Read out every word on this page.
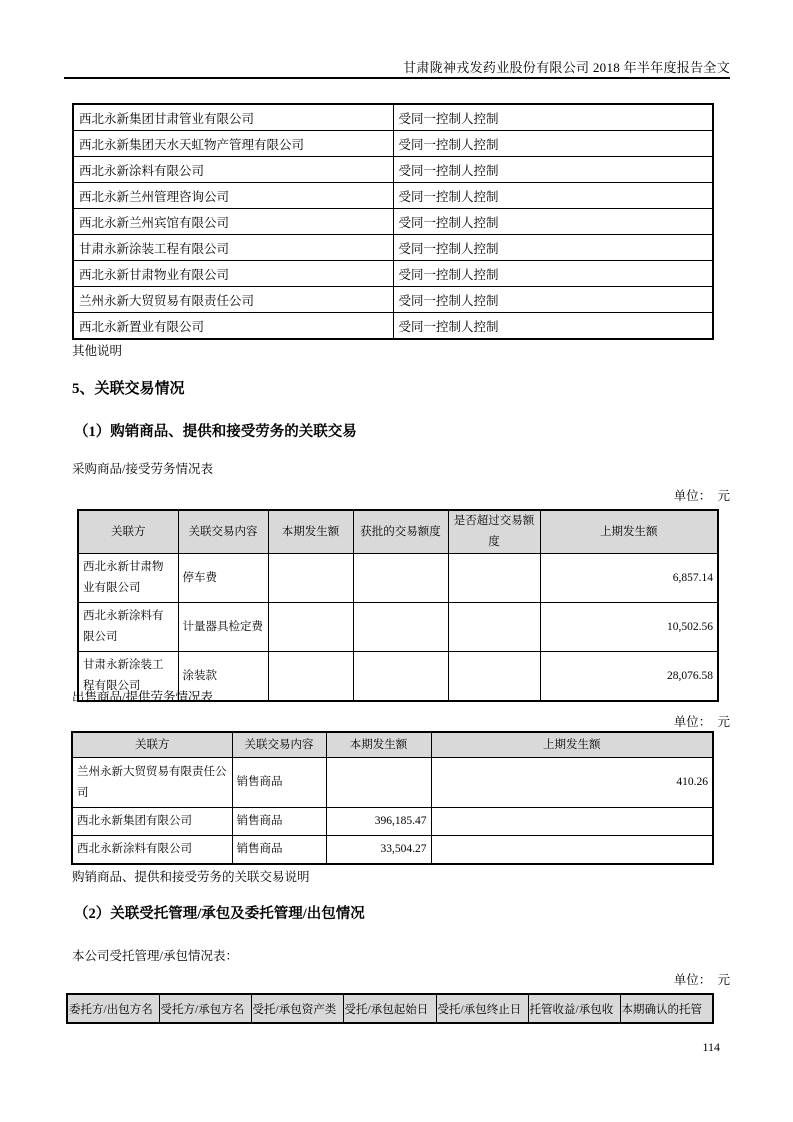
甘肃陇神戎发药业股份有限公司 2018 年半年度报告全文
西北永新集团甘肃管业有限公司	受同一控制人控制
西北永新集团天水天虹物产管理有限公司	受同一控制人控制
西北永新涂料有限公司	受同一控制人控制
西北永新兰州管理咨询公司	受同一控制人控制
西北永新兰州宾馆有限公司	受同一控制人控制
甘肃永新涂装工程有限公司	受同一控制人控制
西北永新甘肃物业有限公司	受同一控制人控制
兰州永新大贸贸易有限责任公司	受同一控制人控制
西北永新置业有限公司	受同一控制人控制
其他说明
5、关联交易情况
（1）购销商品、提供和接受劳务的关联交易
采购商品/接受劳务情况表
单位：　元
关联方	关联交易内容	本期发生额	获批的交易额度	是否超过交易额度	上期发生额
西北永新甘肃物业有限公司	停车费				6,857.14
西北永新涂料有限公司	计量器具检定费				10,502.56
甘肃永新涂装工程有限公司	涂装款				28,076.58
出售商品/提供劳务情况表
单位：　元
关联方	关联交易内容	本期发生额	上期发生额
兰州永新大贸贸易有限责任公司	销售商品		410.26
西北永新集团有限公司	销售商品	396,185.47	
西北永新涂料有限公司	销售商品	33,504.27	
购销商品、提供和接受劳务的关联交易说明
（2）关联受托管理/承包及委托管理/出包情况
本公司受托管理/承包情况表：
单位：　元
委托方/出包方名	受托方/承包方名	受托/承包资产类	受托/承包起始日	受托/承包终止日	托管收益/承包收	本期确认的托管
114
